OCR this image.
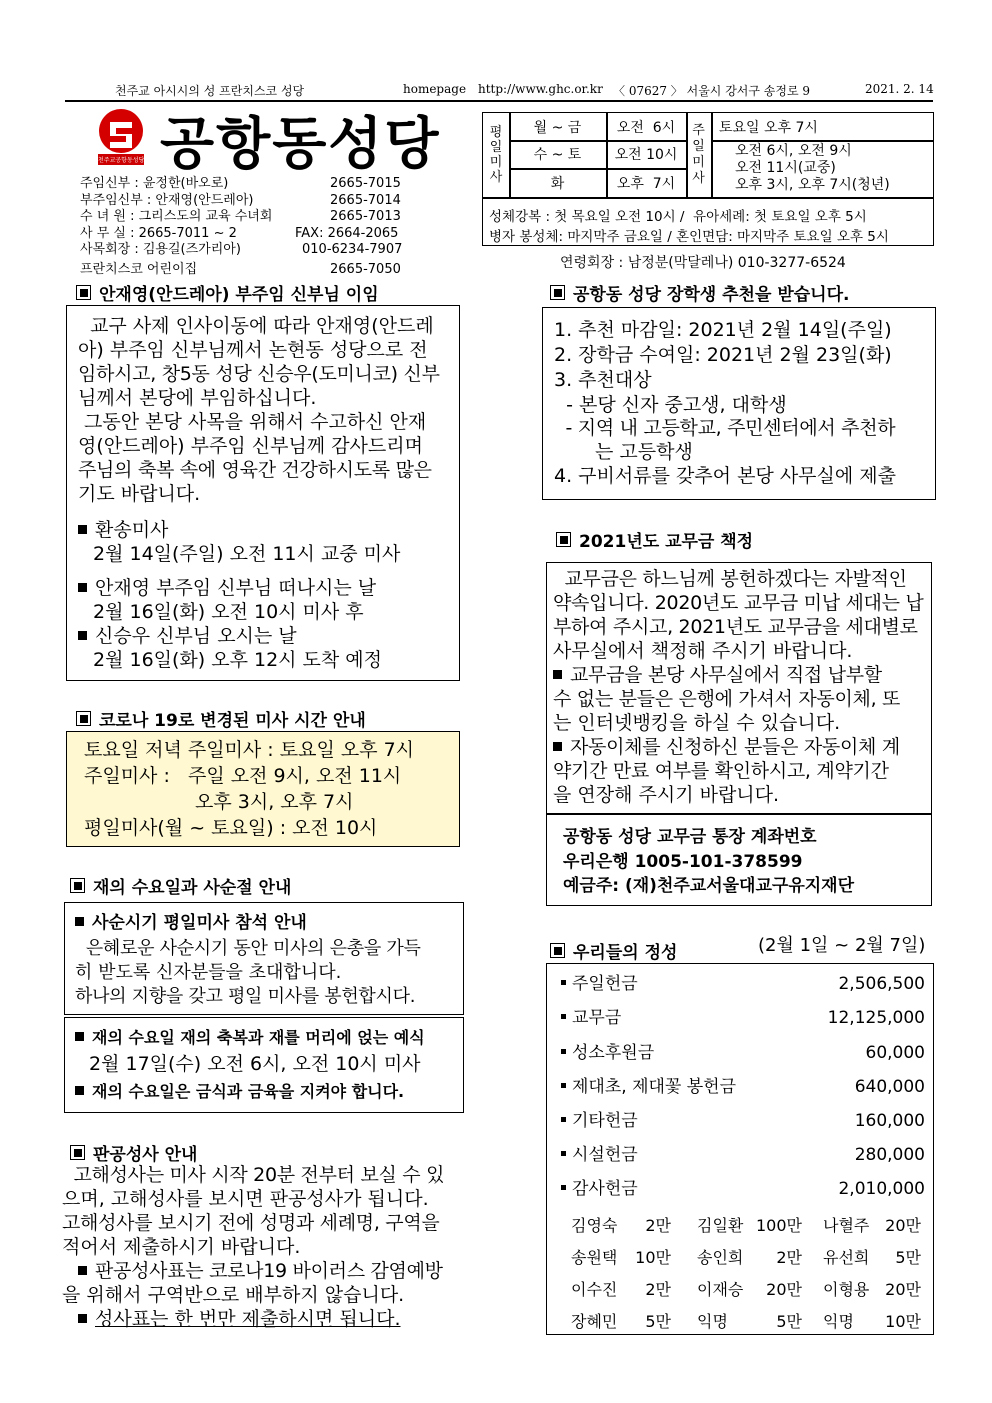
천주교 아시시의 성 프란치스코 성당	homepage http://www.ghc.or.kr 〈 07627 〉 서울시 강서구 송정로 9	2021. 2. 14
천주교공항동성당 공항동성당
주임신부 : 윤정한(바오로)	2665-7015
부주임신부 : 안재영(안드레아)	2665-7014
수 녀 원 : 그리스도의 교육 수녀회	2665-7013
사 무 실 : 2665-7011 ~ 2	FAX: 2664-2065
사목회장 : 김용길(즈가리아)	010-6234-7907
프란치스코 어린이집	2665-7050
평일미사
월 ~ 금	오전  6시
수 ~ 토	오전 10시
화	오후  7시
주일미사
토요일 오후 7시
오전 6시, 오전 9시
오전 11시(교중)
오후 3시, 오후 7시(청년)
성체강복 : 첫 목요일 오전 10시 /  유아세례: 첫 토요일 오후 5시
병자 봉성체: 마지막주 금요일 / 혼인면담: 마지막주 토요일 오후 5시
연령회장 : 남정분(막달레나) 010-3277-6524
안재영(안드레아) 부주임 신부님 이임
교구 사제 인사이동에 따라 안재영(안드레
아) 부주임 신부님께서 논현동 성당으로 전
임하시고, 창5동 성당 신승우(도미니코) 신부
님께서 본당에 부임하십니다.
그동안 본당 사목을 위해서 수고하신 안재
영(안드레아) 부주임 신부님께 감사드리며
주님의 축복 속에 영육간 건강하시도록 많은
기도 바랍니다.
환송미사
2월 14일(주일) 오전 11시 교중 미사
안재영 부주임 신부님 떠나시는 날
2월 16일(화) 오전 10시 미사 후
신승우 신부님 오시는 날
2월 16일(화) 오후 12시 도착 예정
코로나 19로 변경된 미사 시간 안내
토요일 저녁 주일미사 : 토요일 오후 7시
주일미사 :   주일 오전 9시, 오전 11시
오후 3시, 오후 7시
평일미사(월 ~ 토요일) : 오전 10시
재의 수요일과 사순절 안내
사순시기 평일미사 참석 안내
은혜로운 사순시기 동안 미사의 은총을 가득
히 받도록 신자분들을 초대합니다.
하나의 지향을 갖고 평일 미사를 봉헌합시다.
재의 수요일 재의 축복과 재를 머리에 얹는 예식
2월 17일(수) 오전 6시, 오전 10시 미사
재의 수요일은 금식과 금육을 지켜야 합니다.
판공성사 안내
고해성사는 미사 시작 20분 전부터 보실 수 있
으며, 고해성사를 보시면 판공성사가 됩니다.
고해성사를 보시기 전에 성명과 세례명, 구역을
적어서 제출하시기 바랍니다.
판공성사표는 코로나19 바이러스 감염예방
을 위해서 구역반으로 배부하지 않습니다.
성사표는 한 번만 제출하시면 됩니다.
공항동 성당 장학생 추천을 받습니다.
1. 추천 마감일: 2021년 2월 14일(주일)
2. 장학금 수여일: 2021년 2월 23일(화)
3. 추천대상
- 본당 신자 중고생, 대학생
- 지역 내 고등학교, 주민센터에서 추천하
는 고등학생
4. 구비서류를 갖추어 본당 사무실에 제출
2021년도 교무금 책정
교무금은 하느님께 봉헌하겠다는 자발적인
약속입니다. 2020년도 교무금 미납 세대는 납
부하여 주시고, 2021년도 교무금을 세대별로
사무실에서 책정해 주시기 바랍니다.
교무금을 본당 사무실에서 직접 납부할
수 없는 분들은 은행에 가셔서 자동이체, 또
는 인터넷뱅킹을 하실 수 있습니다.
자동이체를 신청하신 분들은 자동이체 계
약기간 만료 여부를 확인하시고, 계약기간
을 연장해 주시기 바랍니다.
공항동 성당 교무금 통장 계좌번호
우리은행 1005-101-378599
예금주: (재)천주교서울대교구유지재단
우리들의 정성	(2월 1일 ~ 2월 7일)
주일헌금	2,506,500
교무금	12,125,000
성소후원금	60,000
제대초, 제대꽃 봉헌금	640,000
기타헌금	160,000
시설헌금	280,000
감사헌금	2,010,000
김영숙	2만 김일환 100만 나혈주 20만
송원택	10만 송인희	2만 유선희	5만
이수진	2만 이재승	20만 이형용 20만
장혜민	5만 익명	5만 익명	10만
